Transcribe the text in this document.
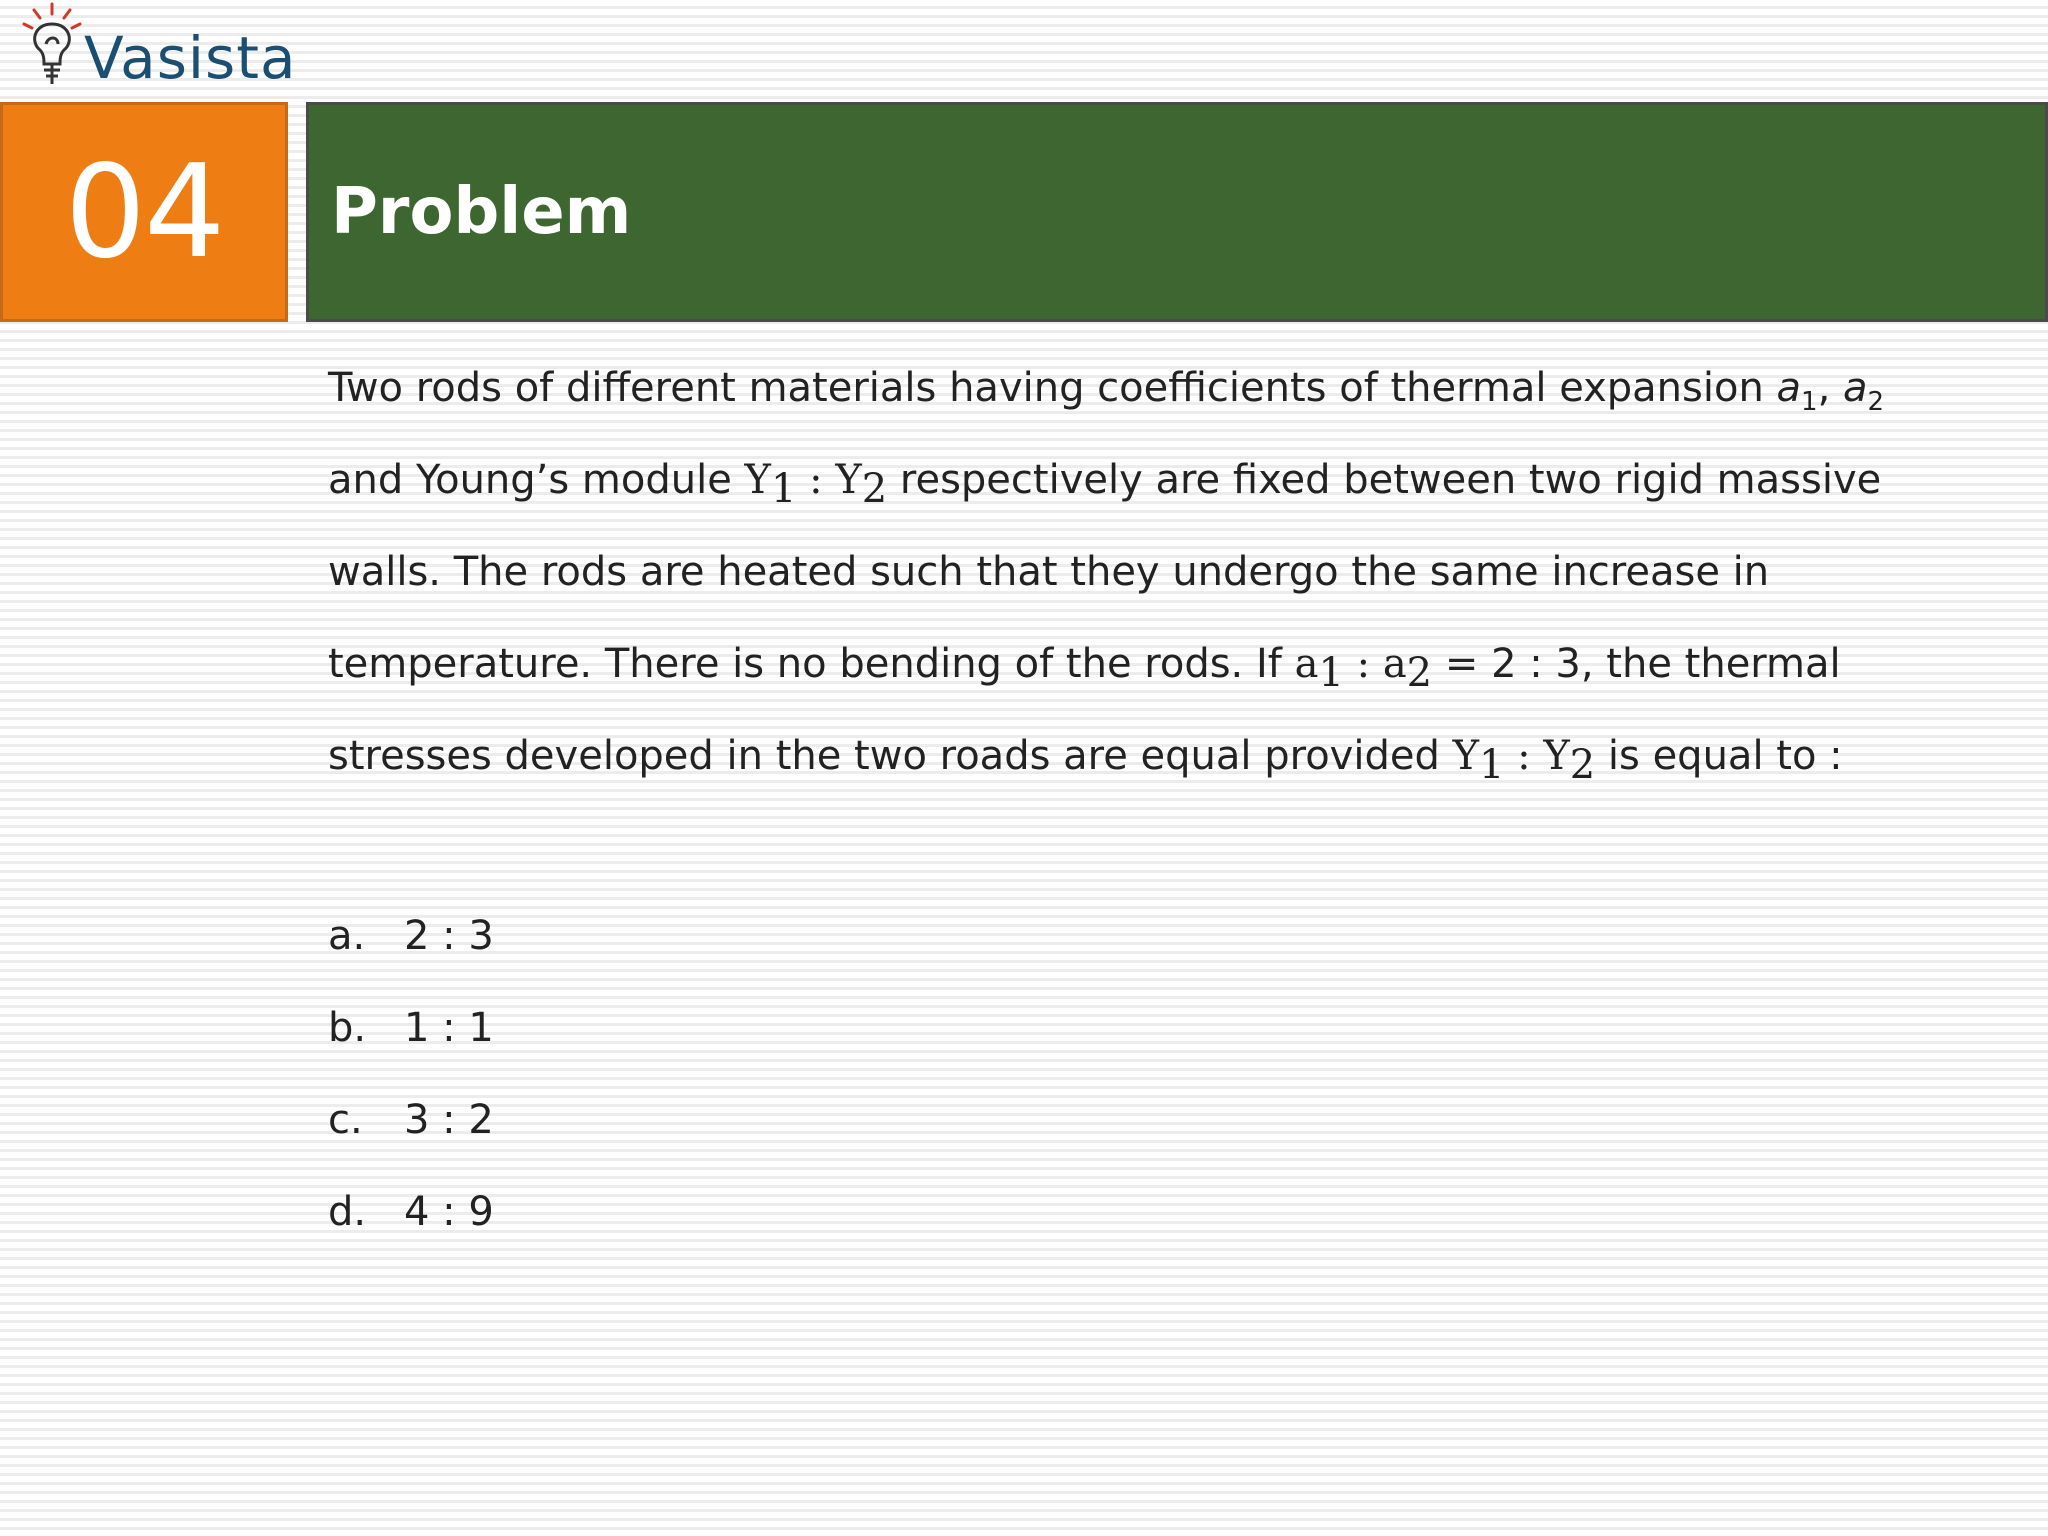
Vasista
04 Problem
Two rods of different materials having coefficients of thermal expansion $a_1$, $a_2$
and Young’s module $Y_1$ : $Y_2$ respectively are fixed between two rigid massive
walls. The rods are heated such that they undergo the same increase in
temperature. There is no bending of the rods. If $a_1$ : $a_2 = 2$ : 3, the thermal
stresses developed in the two roads are equal provided $Y_1$ : $Y_2$ is equal to :
a. 2 : 3
b. 1 : 1
c. 3 : 2
d. 4 : 9
